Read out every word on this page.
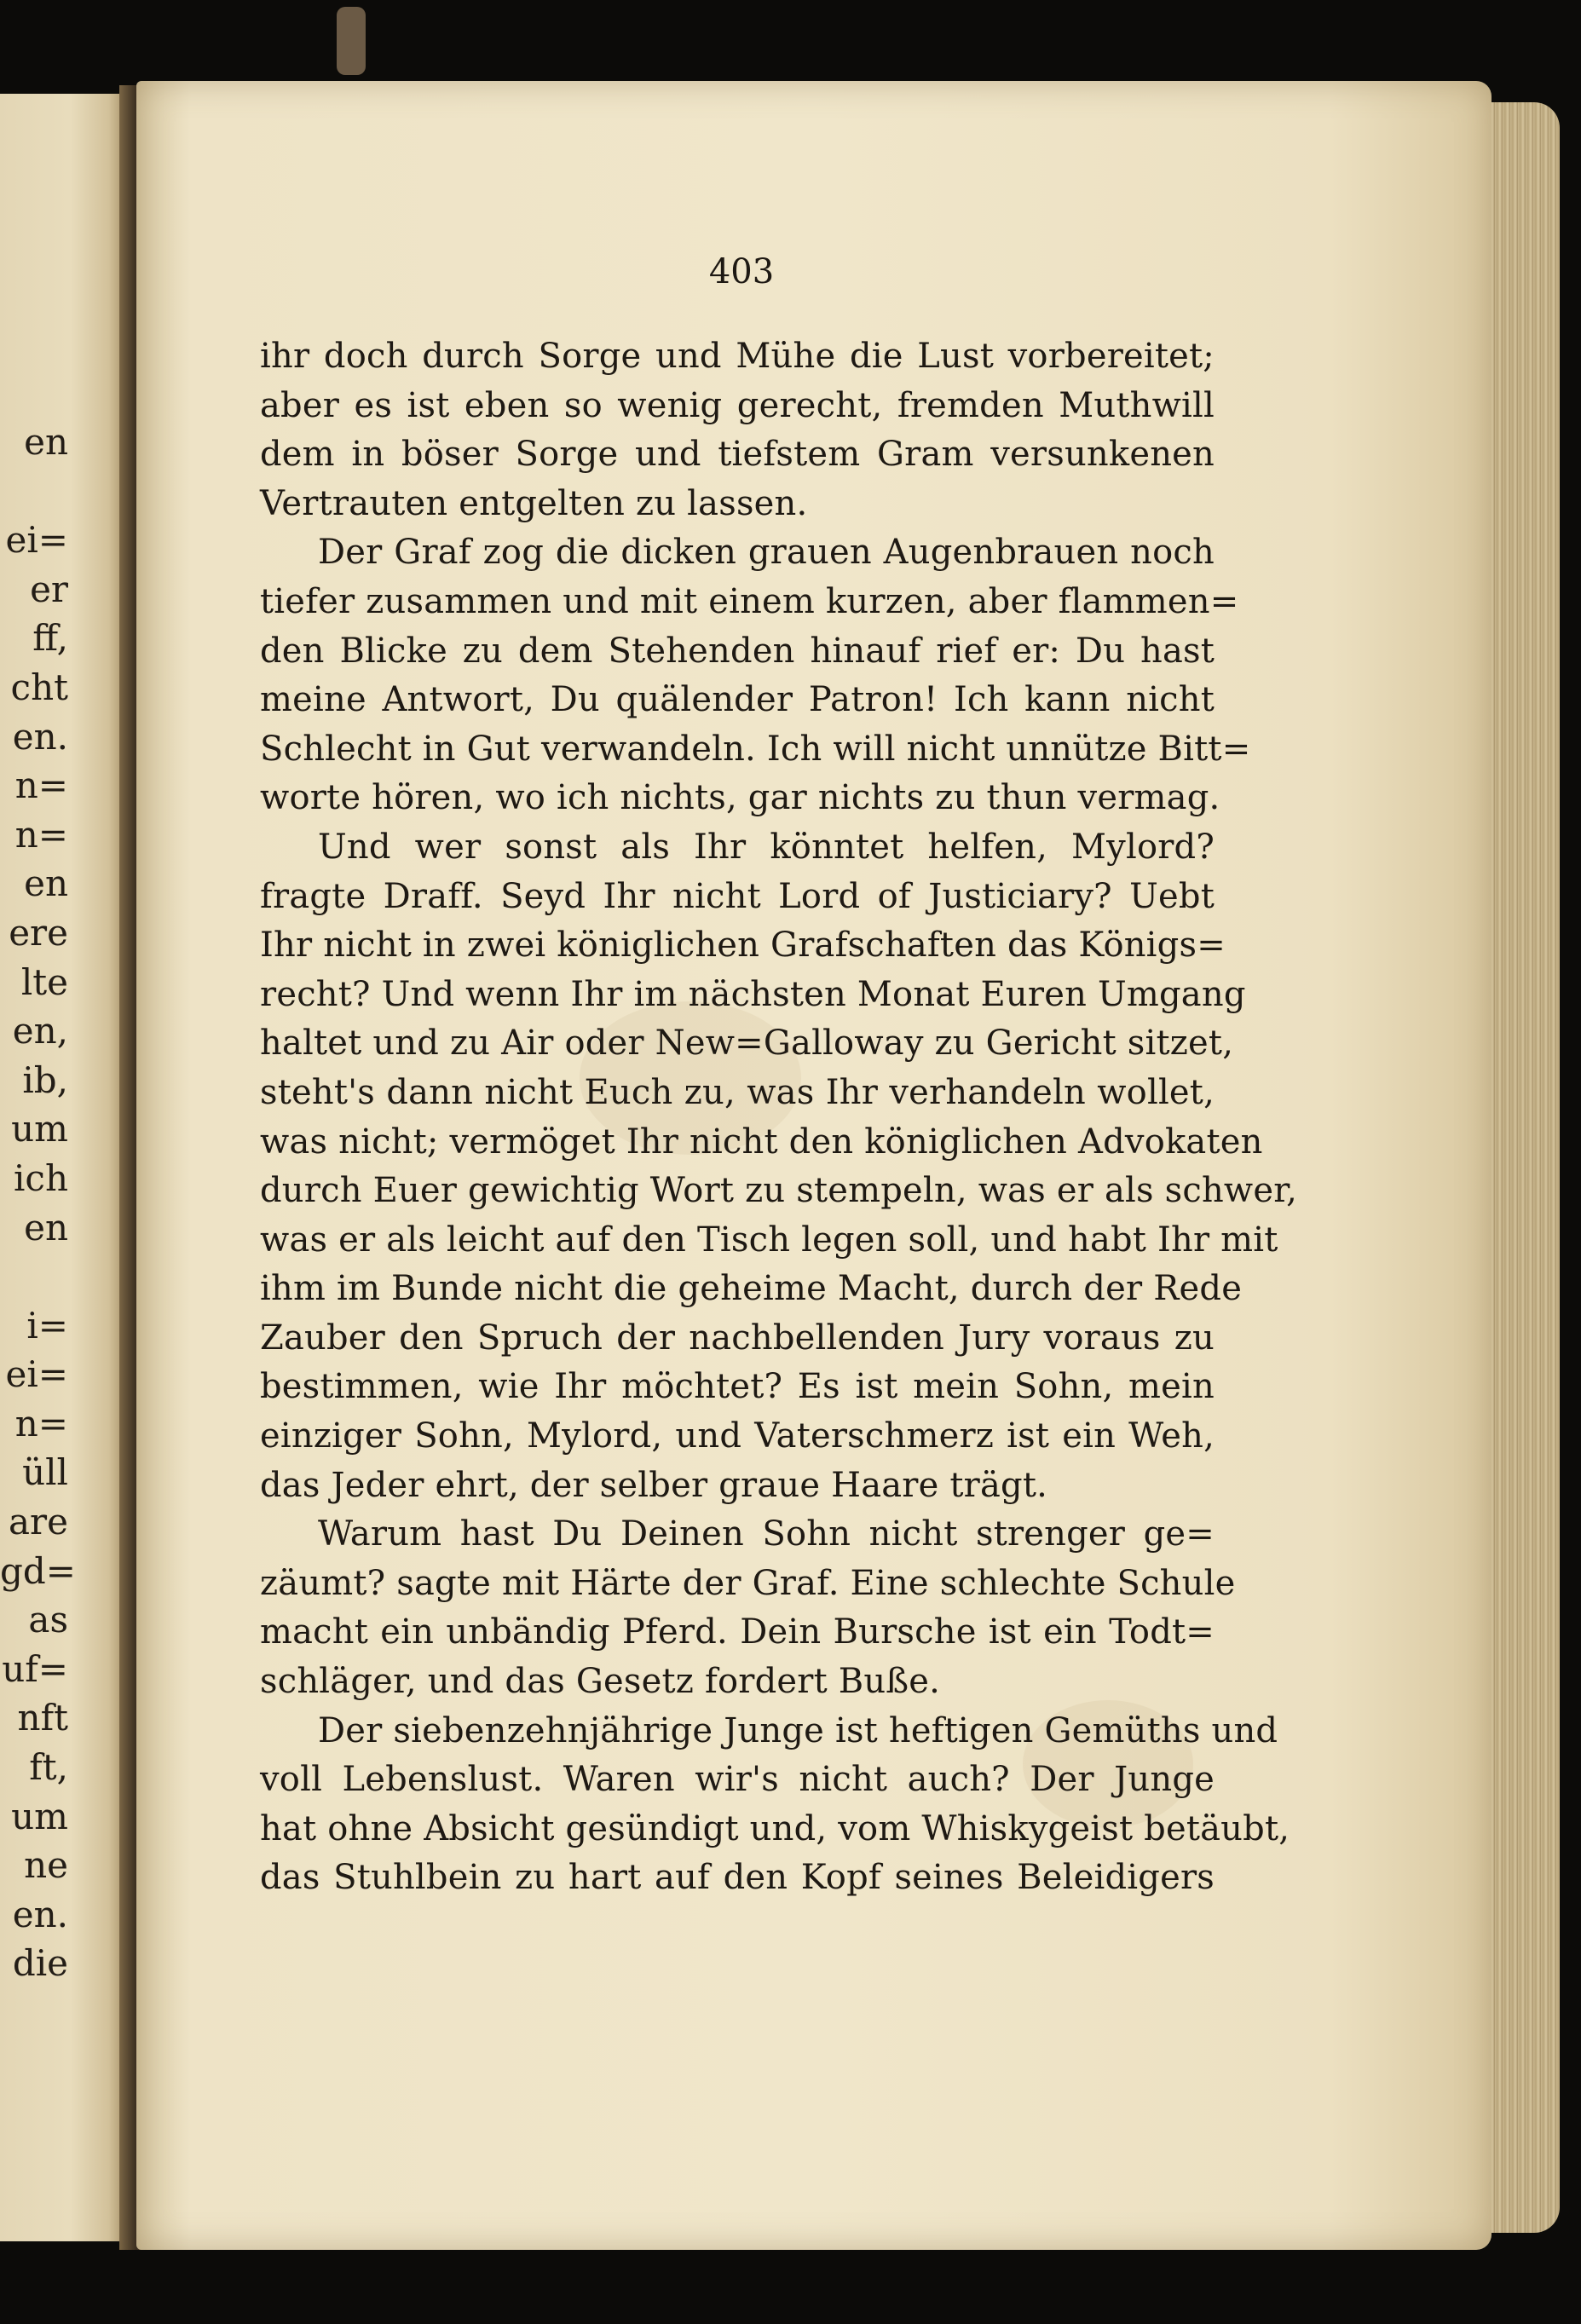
en
ei=
er
ff,
cht
en.
n=
n=
en
ere
lte
en,
ib,
um
ich
en
i=
ei=
n=
üll
are
gd=
as
uf=
nft
ft,
um
ne
en.
die
403
ihr doch durch Sorge und Mühe die Lust vorbereitet;
aber es ist eben so wenig gerecht, fremden Muthwill
dem in böser Sorge und tiefstem Gram versunkenen
Vertrauten entgelten zu lassen.
Der Graf zog die dicken grauen Augenbrauen noch
tiefer zusammen und mit einem kurzen, aber flammen=
den Blicke zu dem Stehenden hinauf rief er: Du hast
meine Antwort, Du quälender Patron! Ich kann nicht
Schlecht in Gut verwandeln. Ich will nicht unnütze Bitt=
worte hören, wo ich nichts, gar nichts zu thun vermag.
Und wer sonst als Ihr könntet helfen, Mylord?
fragte Draff. Seyd Ihr nicht Lord of Justiciary? Uebt
Ihr nicht in zwei königlichen Grafschaften das Königs=
recht? Und wenn Ihr im nächsten Monat Euren Umgang
haltet und zu Air oder New=Galloway zu Gericht sitzet,
steht's dann nicht Euch zu, was Ihr verhandeln wollet,
was nicht; vermöget Ihr nicht den königlichen Advokaten
durch Euer gewichtig Wort zu stempeln, was er als schwer,
was er als leicht auf den Tisch legen soll, und habt Ihr mit
ihm im Bunde nicht die geheime Macht, durch der Rede
Zauber den Spruch der nachbellenden Jury voraus zu
bestimmen, wie Ihr möchtet? Es ist mein Sohn, mein
einziger Sohn, Mylord, und Vaterschmerz ist ein Weh,
das Jeder ehrt, der selber graue Haare trägt.
Warum hast Du Deinen Sohn nicht strenger ge=
zäumt? sagte mit Härte der Graf. Eine schlechte Schule
macht ein unbändig Pferd. Dein Bursche ist ein Todt=
schläger, und das Gesetz fordert Buße.
Der siebenzehnjährige Junge ist heftigen Gemüths und
voll Lebenslust. Waren wir's nicht auch? Der Junge
hat ohne Absicht gesündigt und, vom Whiskygeist betäubt,
das Stuhlbein zu hart auf den Kopf seines Beleidigers
